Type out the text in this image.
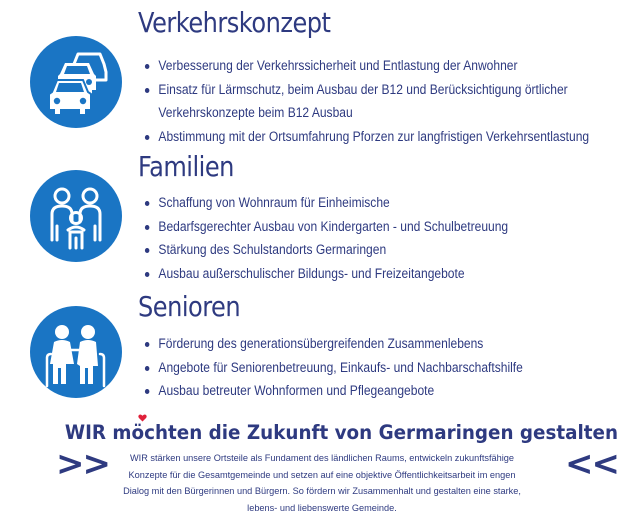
Verkehrskonzept
Verbesserung der Verkehrssicherheit und Entlastung der Anwohner
Einsatz für Lärmschutz, beim Ausbau der B12 und Berücksichtigung örtlicher Verkehrskonzepte beim B12 Ausbau
Abstimmung mit der Ortsumfahrung Pforzen zur langfristigen Verkehrsentlastung
Familien
Schaffung von Wohnraum für Einheimische
Bedarfsgerechter Ausbau von Kindergarten - und Schulbetreuung
Stärkung des Schulstandorts Germaringen
Ausbau außerschulischer Bildungs- und Freizeitangebote
Senioren
Förderung des generationsübergreifenden Zusammenlebens
Angebote für Seniorenbetreuung, Einkaufs- und Nachbarschaftshilfe
Ausbau betreuter Wohnformen und Pflegeangebote
WIR möchten die Zukunft von Germaringen gestalten
>>	WIR stärken unsere Ortsteile als Fundament des ländlichen Raums, entwickeln zukunftsfähige Konzepte für die Gesamtgemeinde und setzen auf eine objektive Öffentlichkeitsarbeit im engen Dialog mit den Bürgerinnen und Bürgern. So fördern wir Zusammenhalt und gestalten eine starke, lebens- und liebenswerte Gemeinde.
<<
